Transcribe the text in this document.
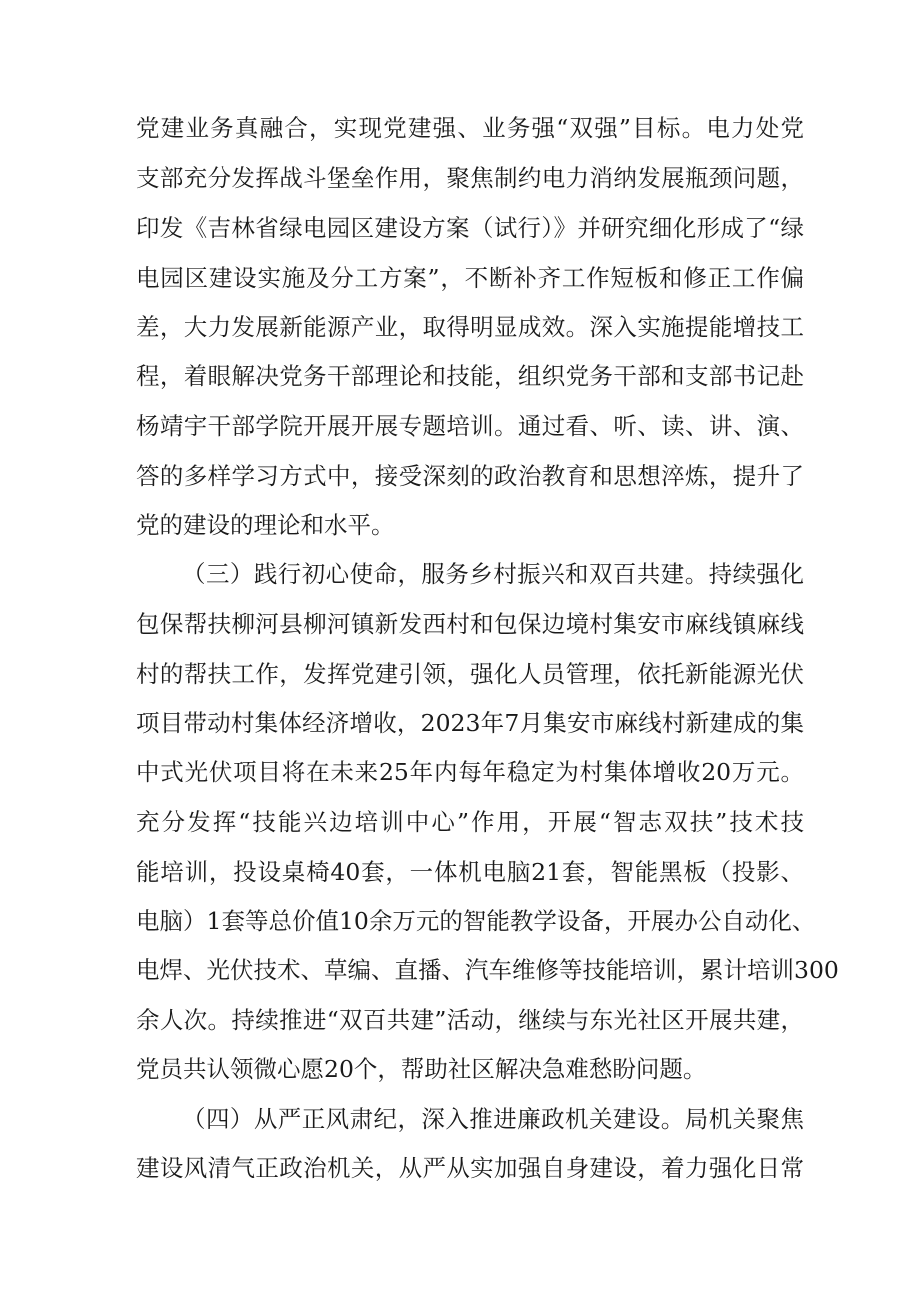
党建业务真融合，实现党建强、业务强“双强”目标。电力处党
支部充分发挥战斗堡垒作用，聚焦制约电力消纳发展瓶颈问题，
印发《吉林省绿电园区建设方案（试行）》并研究细化形成了“绿
电园区建设实施及分工方案”，不断补齐工作短板和修正工作偏
差，大力发展新能源产业，取得明显成效。深入实施提能增技工
程，着眼解决党务干部理论和技能，组织党务干部和支部书记赴
杨靖宇干部学院开展开展专题培训。通过看、听、读、讲、演、
答的多样学习方式中，接受深刻的政治教育和思想淬炼，提升了
党的建设的理论和水平。
（三）践行初心使命，服务乡村振兴和双百共建。持续强化
包保帮扶柳河县柳河镇新发西村和包保边境村集安市麻线镇麻线
村的帮扶工作，发挥党建引领，强化人员管理，依托新能源光伏
项目带动村集体经济增收，2023年7月集安市麻线村新建成的集
中式光伏项目将在未来25年内每年稳定为村集体增收20万元。
充分发挥“技能兴边培训中心”作用，开展“智志双扶”技术技
能培训，投设桌椅40套，一体机电脑21套，智能黑板（投影、
电脑）1套等总价值10余万元的智能教学设备，开展办公自动化、
电焊、光伏技术、草编、直播、汽车维修等技能培训，累计培训300
余人次。持续推进“双百共建”活动，继续与东光社区开展共建，
党员共认领微心愿20个，帮助社区解决急难愁盼问题。
（四）从严正风肃纪，深入推进廉政机关建设。局机关聚焦
建设风清气正政治机关，从严从实加强自身建设，着力强化日常
